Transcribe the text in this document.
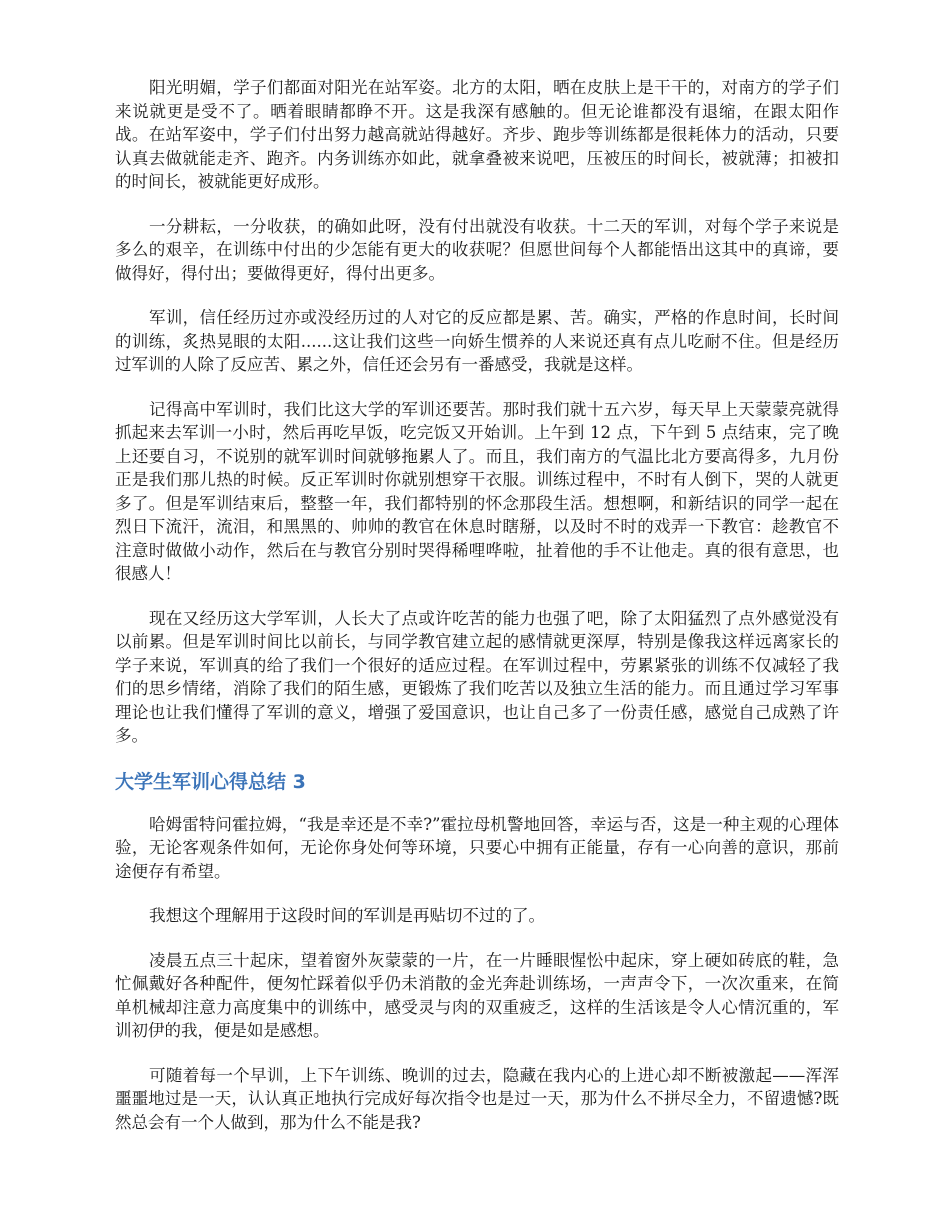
阳光明媚，学子们都面对阳光在站军姿。北方的太阳，晒在皮肤上是干干的，对南方的学子们来说就更是受不了。晒着眼睛都睁不开。这是我深有感触的。但无论谁都没有退缩，在跟太阳作战。在站军姿中，学子们付出努力越高就站得越好。齐步、跑步等训练都是很耗体力的活动，只要认真去做就能走齐、跑齐。内务训练亦如此，就拿叠被来说吧，压被压的时间长，被就薄；扣被扣的时间长，被就能更好成形。

一分耕耘，一分收获，的确如此呀，没有付出就没有收获。十二天的军训，对每个学子来说是多么的艰辛，在训练中付出的少怎能有更大的收获呢？但愿世间每个人都能悟出这其中的真谛，要做得好，得付出；要做得更好，得付出更多。

军训，信任经历过亦或没经历过的人对它的反应都是累、苦。确实，严格的作息时间，长时间的训练，炙热晃眼的太阳......这让我们这些一向娇生惯养的人来说还真有点儿吃耐不住。但是经历过军训的人除了反应苦、累之外，信任还会另有一番感受，我就是这样。

记得高中军训时，我们比这大学的军训还要苦。那时我们就十五六岁，每天早上天蒙蒙亮就得抓起来去军训一小时，然后再吃早饭，吃完饭又开始训。上午到 12 点，下午到 5 点结束，完了晚上还要自习，不说别的就军训时间就够拖累人了。而且，我们南方的气温比北方要高得多，九月份正是我们那儿热的时候。反正军训时你就别想穿干衣服。训练过程中，不时有人倒下，哭的人就更多了。但是军训结束后，整整一年，我们都特别的怀念那段生活。想想啊，和新结识的同学一起在烈日下流汗，流泪，和黑黑的、帅帅的教官在休息时瞎掰，以及时不时的戏弄一下教官：趁教官不注意时做做小动作，然后在与教官分别时哭得稀哩哗啦，扯着他的手不让他走。真的很有意思，也很感人！

现在又经历这大学军训，人长大了点或许吃苦的能力也强了吧，除了太阳猛烈了点外感觉没有以前累。但是军训时间比以前长，与同学教官建立起的感情就更深厚，特别是像我这样远离家长的学子来说，军训真的给了我们一个很好的适应过程。在军训过程中，劳累紧张的训练不仅减轻了我们的思乡情绪，消除了我们的陌生感，更锻炼了我们吃苦以及独立生活的能力。而且通过学习军事理论也让我们懂得了军训的意义，增强了爱国意识，也让自己多了一份责任感，感觉自己成熟了许多。

大学生军训心得总结 3

哈姆雷特问霍拉姆，“我是幸还是不幸?”霍拉母机警地回答，幸运与否，这是一种主观的心理体验，无论客观条件如何，无论你身处何等环境，只要心中拥有正能量，存有一心向善的意识，那前途便存有希望。

我想这个理解用于这段时间的军训是再贴切不过的了。

凌晨五点三十起床，望着窗外灰蒙蒙的一片，在一片睡眼惺忪中起床，穿上硬如砖底的鞋，急忙佩戴好各种配件，便匆忙踩着似乎仍未消散的金光奔赴训练场，一声声令下，一次次重来，在简单机械却注意力高度集中的训练中，感受灵与肉的双重疲乏，这样的生活该是令人心情沉重的，军训初伊的我，便是如是感想。

可随着每一个早训，上下午训练、晚训的过去，隐藏在我内心的上进心却不断被激起——浑浑噩噩地过是一天，认认真正地执行完成好每次指令也是过一天，那为什么不拼尽全力，不留遗憾?既然总会有一个人做到，那为什么不能是我?
